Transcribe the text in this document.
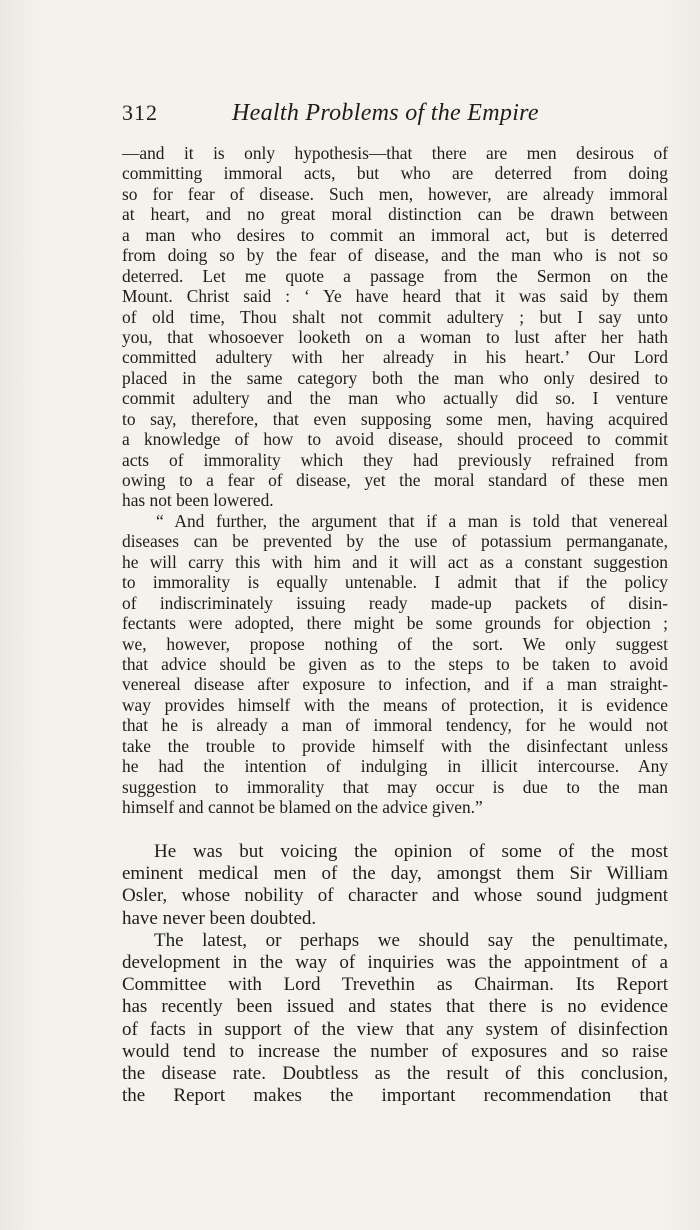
312	Health Problems of the Empire
—and it is only hypothesis—that there are men desirous of
committing immoral acts, but who are deterred from doing
so for fear of disease. Such men, however, are already immoral
at heart, and no great moral distinction can be drawn between
a man who desires to commit an immoral act, but is deterred
from doing so by the fear of disease, and the man who is not so
deterred. Let me quote a passage from the Sermon on the
Mount. Christ said : ‘ Ye have heard that it was said by them
of old time, Thou shalt not commit adultery ; but I say unto
you, that whosoever looketh on a woman to lust after her hath
committed adultery with her already in his heart.’ Our Lord
placed in the same category both the man who only desired to
commit adultery and the man who actually did so. I venture
to say, therefore, that even supposing some men, having acquired
a knowledge of how to avoid disease, should proceed to commit
acts of immorality which they had previously refrained from
owing to a fear of disease, yet the moral standard of these men
has not been lowered.
“ And further, the argument that if a man is told that venereal
diseases can be prevented by the use of potassium permanganate,
he will carry this with him and it will act as a constant suggestion
to immorality is equally untenable. I admit that if the policy
of indiscriminately issuing ready made-up packets of disin-
fectants were adopted, there might be some grounds for objection ;
we, however, propose nothing of the sort. We only suggest
that advice should be given as to the steps to be taken to avoid
venereal disease after exposure to infection, and if a man straight-
way provides himself with the means of protection, it is evidence
that he is already a man of immoral tendency, for he would not
take the trouble to provide himself with the disinfectant unless
he had the intention of indulging in illicit intercourse. Any
suggestion to immorality that may occur is due to the man
himself and cannot be blamed on the advice given.”
He was but voicing the opinion of some of the most
eminent medical men of the day, amongst them Sir William
Osler, whose nobility of character and whose sound judgment
have never been doubted.
The latest, or perhaps we should say the penultimate,
development in the way of inquiries was the appointment of a
Committee with Lord Trevethin as Chairman. Its Report
has recently been issued and states that there is no evidence
of facts in support of the view that any system of disinfection
would tend to increase the number of exposures and so raise
the disease rate. Doubtless as the result of this conclusion,
the Report makes the important recommendation that
